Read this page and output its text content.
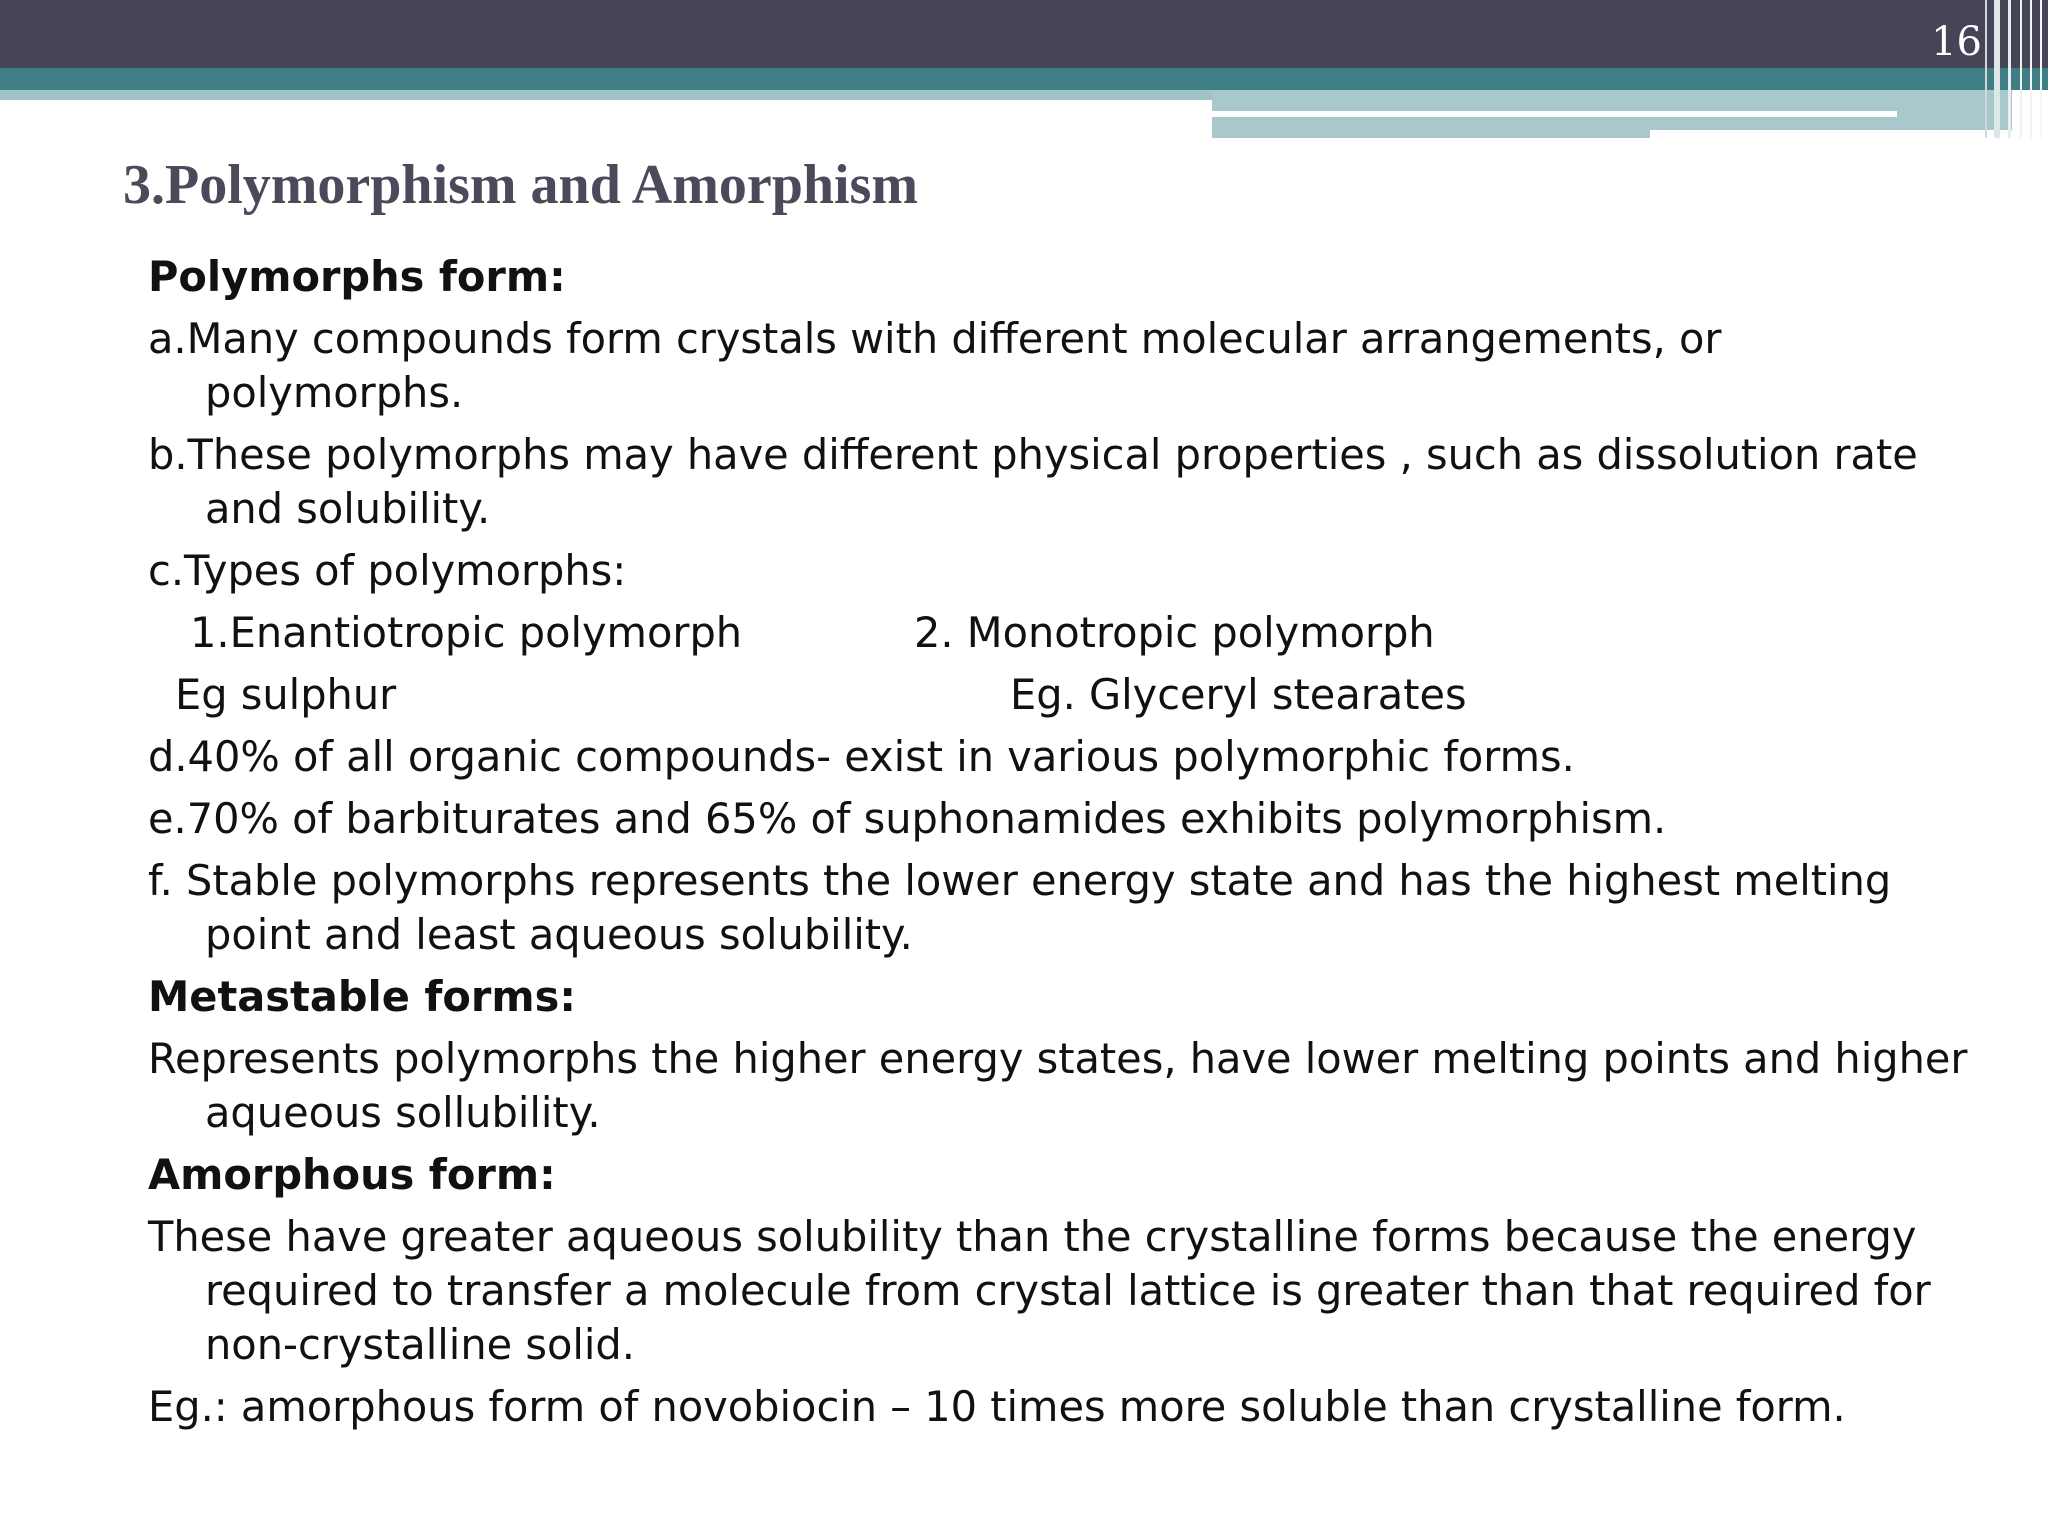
16
3.Polymorphism and Amorphism
Polymorphs form:
a.Many compounds form crystals with different molecular arrangements, or polymorphs.
b.These polymorphs may have different physical properties , such as dissolution rate and solubility.
c.Types of polymorphs:
1.Enantiotropic polymorph	2. Monotropic polymorph
Eg sulphur	Eg. Glyceryl stearates
d.40% of all organic compounds- exist in various polymorphic forms.
e.70% of barbiturates and 65% of suphonamides exhibits polymorphism.
f. Stable polymorphs represents the lower energy state and has the highest melting point and least aqueous solubility.
Metastable forms:
Represents polymorphs the higher energy states, have lower melting points and higher aqueous sollubility.
Amorphous form:
These have greater aqueous solubility than the crystalline forms because the energy required to transfer a molecule from crystal lattice is greater than that required for non-crystalline solid.
Eg.: amorphous form of novobiocin – 10 times more soluble than crystalline form.
